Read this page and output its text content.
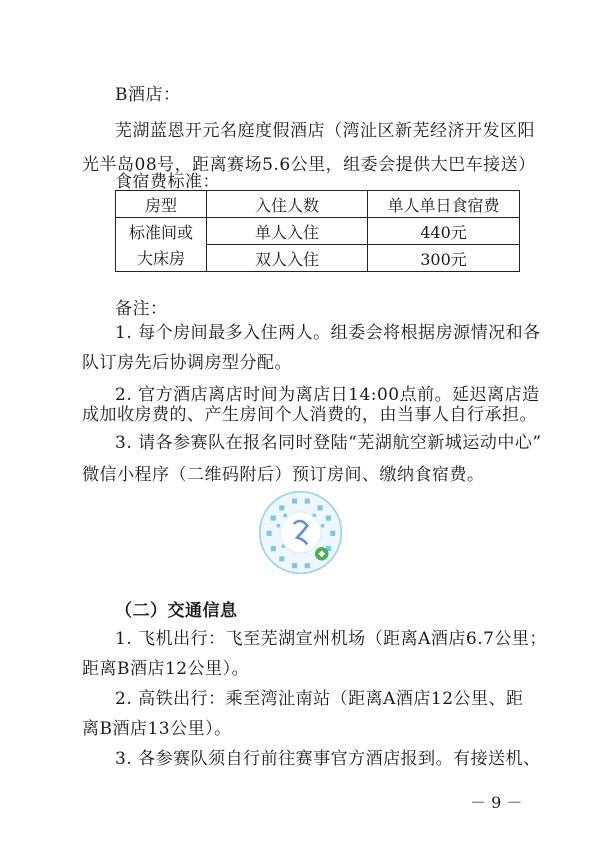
B酒店：
芜湖蓝恩开元名庭度假酒店（湾沚区新芜经济开发区阳
光半岛08号，距离赛场5.6公里，组委会提供大巴车接送）
食宿费标准：
房型	入住人数	单人单日食宿费
标准间或	单人入住	440元
大床房	双人入住	300元
备注：
1. 每个房间最多入住两人。组委会将根据房源情况和各
队订房先后协调房型分配。
2. 官方酒店离店时间为离店日14:00点前。延迟离店造
成加收房费的、产生房间个人消费的，由当事人自行承担。
3. 请各参赛队在报名同时登陆“芜湖航空新城运动中心”
微信小程序（二维码附后）预订房间、缴纳食宿费。
（二）交通信息
1. 飞机出行：飞至芜湖宣州机场（距离A酒店6.7公里；
距离B酒店12公里）。
2. 高铁出行：乘至湾沚南站（距离A酒店12公里、距
离B酒店13公里）。
3. 各参赛队须自行前往赛事官方酒店报到。有接送机、
－ 9 －
